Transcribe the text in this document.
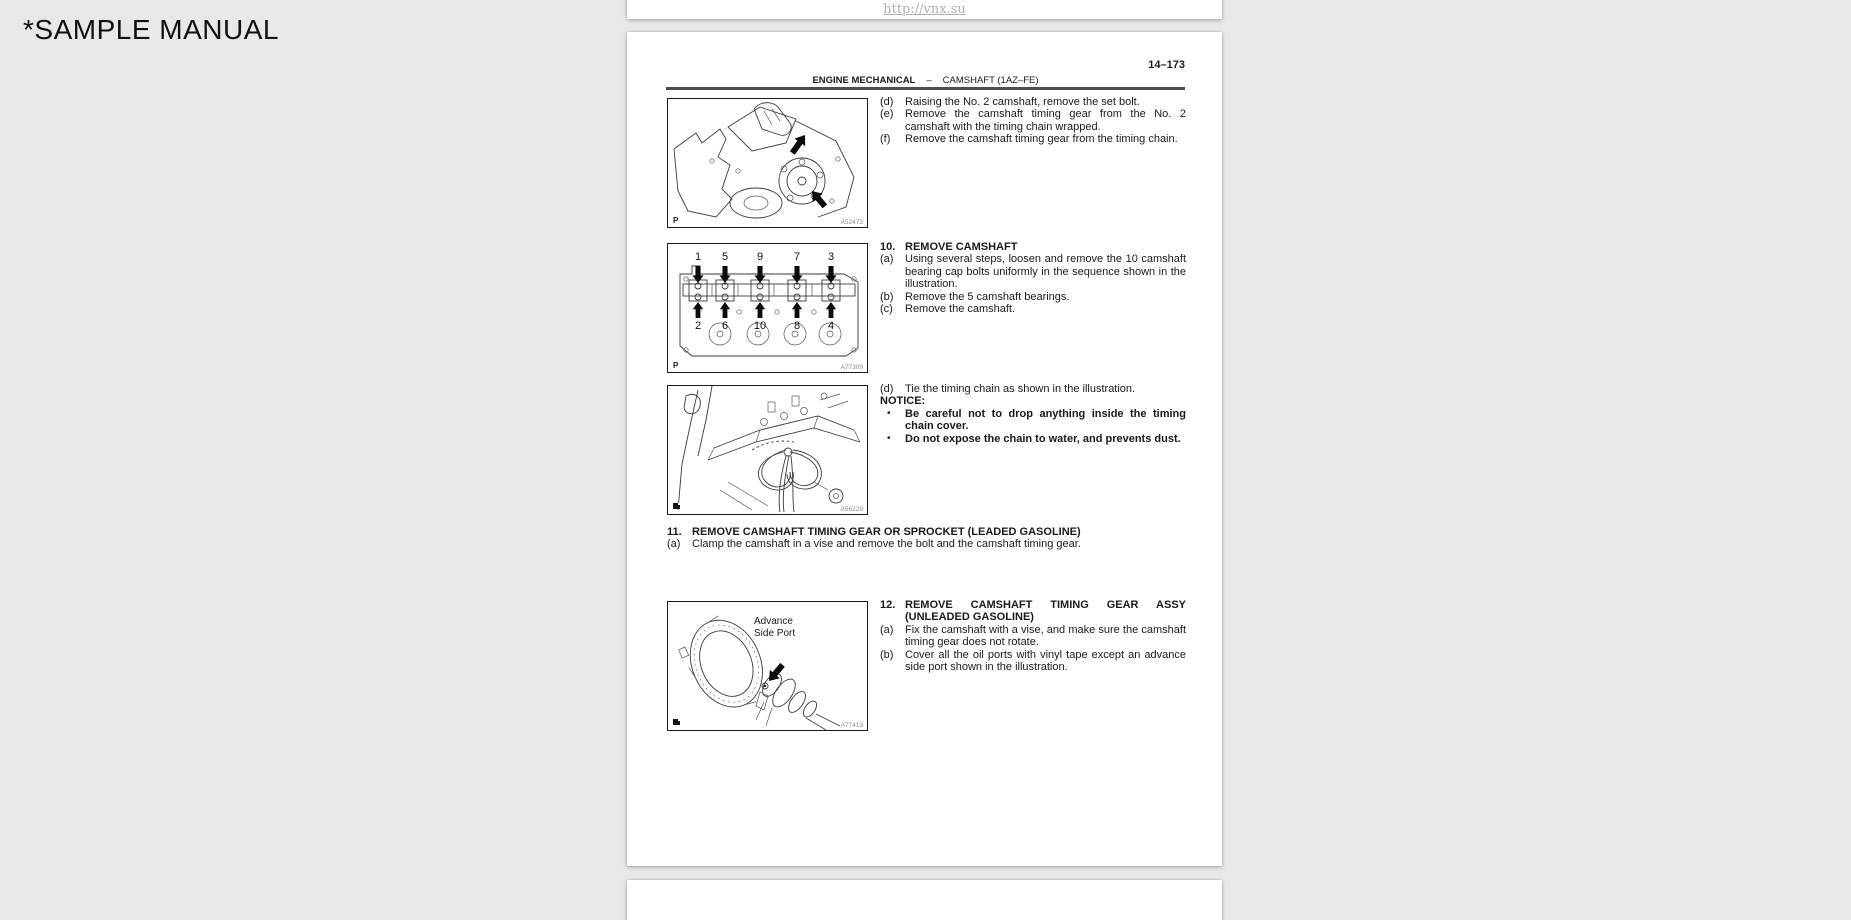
*SAMPLE MANUAL
http://vnx.su
14–173
ENGINE MECHANICAL – CAMSHAFT (1AZ–FE)
P	A52473
(d)	Raising the No. 2 camshaft, remove the set bolt.
(e)	Remove the camshaft timing gear from the No. 2 camshaft with the timing chain wrapped.
(f)	Remove the camshaft timing gear from the timing chain.
1 5	9	7	3
2 6 10	8	4
P	A77309
10. REMOVE CAMSHAFT
(a)	Using several steps, loosen and remove the 10 camshaft bearing cap bolts uniformly in the sequence shown in the illustration.
(b)	Remove the 5 camshaft bearings.
(c)	Remove the camshaft.
A56228
(d)	Tie the timing chain as shown in the illustration.
NOTICE:
•	Be careful not to drop anything inside the timing chain cover.
•	Do not expose the chain to water, and prevents dust.
11. REMOVE CAMSHAFT TIMING GEAR OR SPROCKET (LEADED GASOLINE)
(a)	Clamp the camshaft in a vise and remove the bolt and the camshaft timing gear.
Advance
Side Port
A77413
12. REMOVE CAMSHAFT TIMING GEAR ASSY (UNLEADED GASOLINE)
(a)	Fix the camshaft with a vise, and make sure the camshaft timing gear does not rotate.
(b)	Cover all the oil ports with vinyl tape except an advance side port shown in the illustration.
